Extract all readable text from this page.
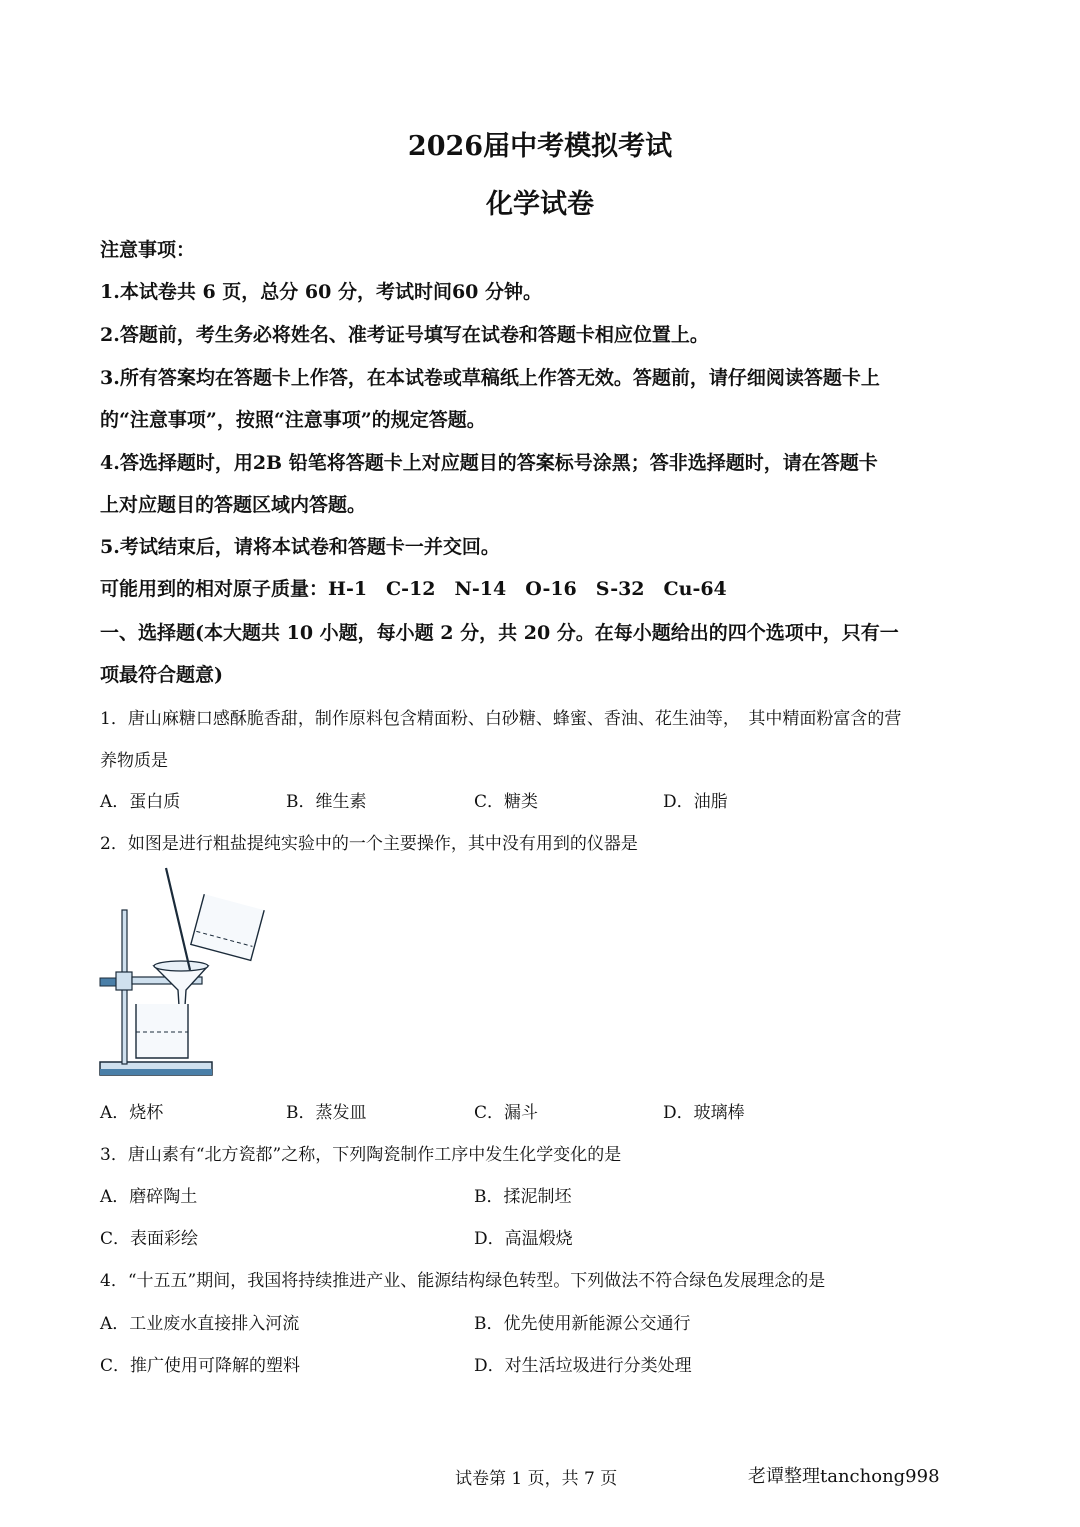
2026届中考模拟考试
化学试卷
注意事项：
1.本试卷共 6 页，总分 60 分，考试时间60 分钟。
2.答题前，考生务必将姓名、准考证号填写在试卷和答题卡相应位置上。
3.所有答案均在答题卡上作答，在本试卷或草稿纸上作答无效。答题前，请仔细阅读答题卡上
的“注意事项”，按照“注意事项”的规定答题。
4.答选择题时，用2B 铅笔将答题卡上对应题目的答案标号涂黑；答非选择题时，请在答题卡
上对应题目的答题区域内答题。
5.考试结束后，请将本试卷和答题卡一并交回。
可能用到的相对原子质量：H-1　C-12　N-14　O-16　S-32　Cu-64
一、选择题(本大题共 10 小题，每小题 2 分，共 20 分。在每小题给出的四个选项中，只有一
项最符合题意)
1．唐山麻糖口感酥脆香甜，制作原料包含精面粉、白砂糖、蜂蜜、香油、花生油等，　其中精面粉富含的营
养物质是
A．蛋白质	B．维生素	C．糖类	D．油脂
2．如图是进行粗盐提纯实验中的一个主要操作，其中没有用到的仪器是
A．烧杯	B．蒸发皿	C．漏斗	D．玻璃棒
3．唐山素有“北方瓷都”之称，下列陶瓷制作工序中发生化学变化的是
A．磨碎陶土	B．揉泥制坯
C．表面彩绘	D．高温煅烧
4．“十五五”期间，我国将持续推进产业、能源结构绿色转型。下列做法不符合绿色发展理念的是
A．工业废水直接排入河流	B．优先使用新能源公交通行
C．推广使用可降解的塑料	D．对生活垃圾进行分类处理
试卷第 1 页，共 7 页	老谭整理tanchong998
